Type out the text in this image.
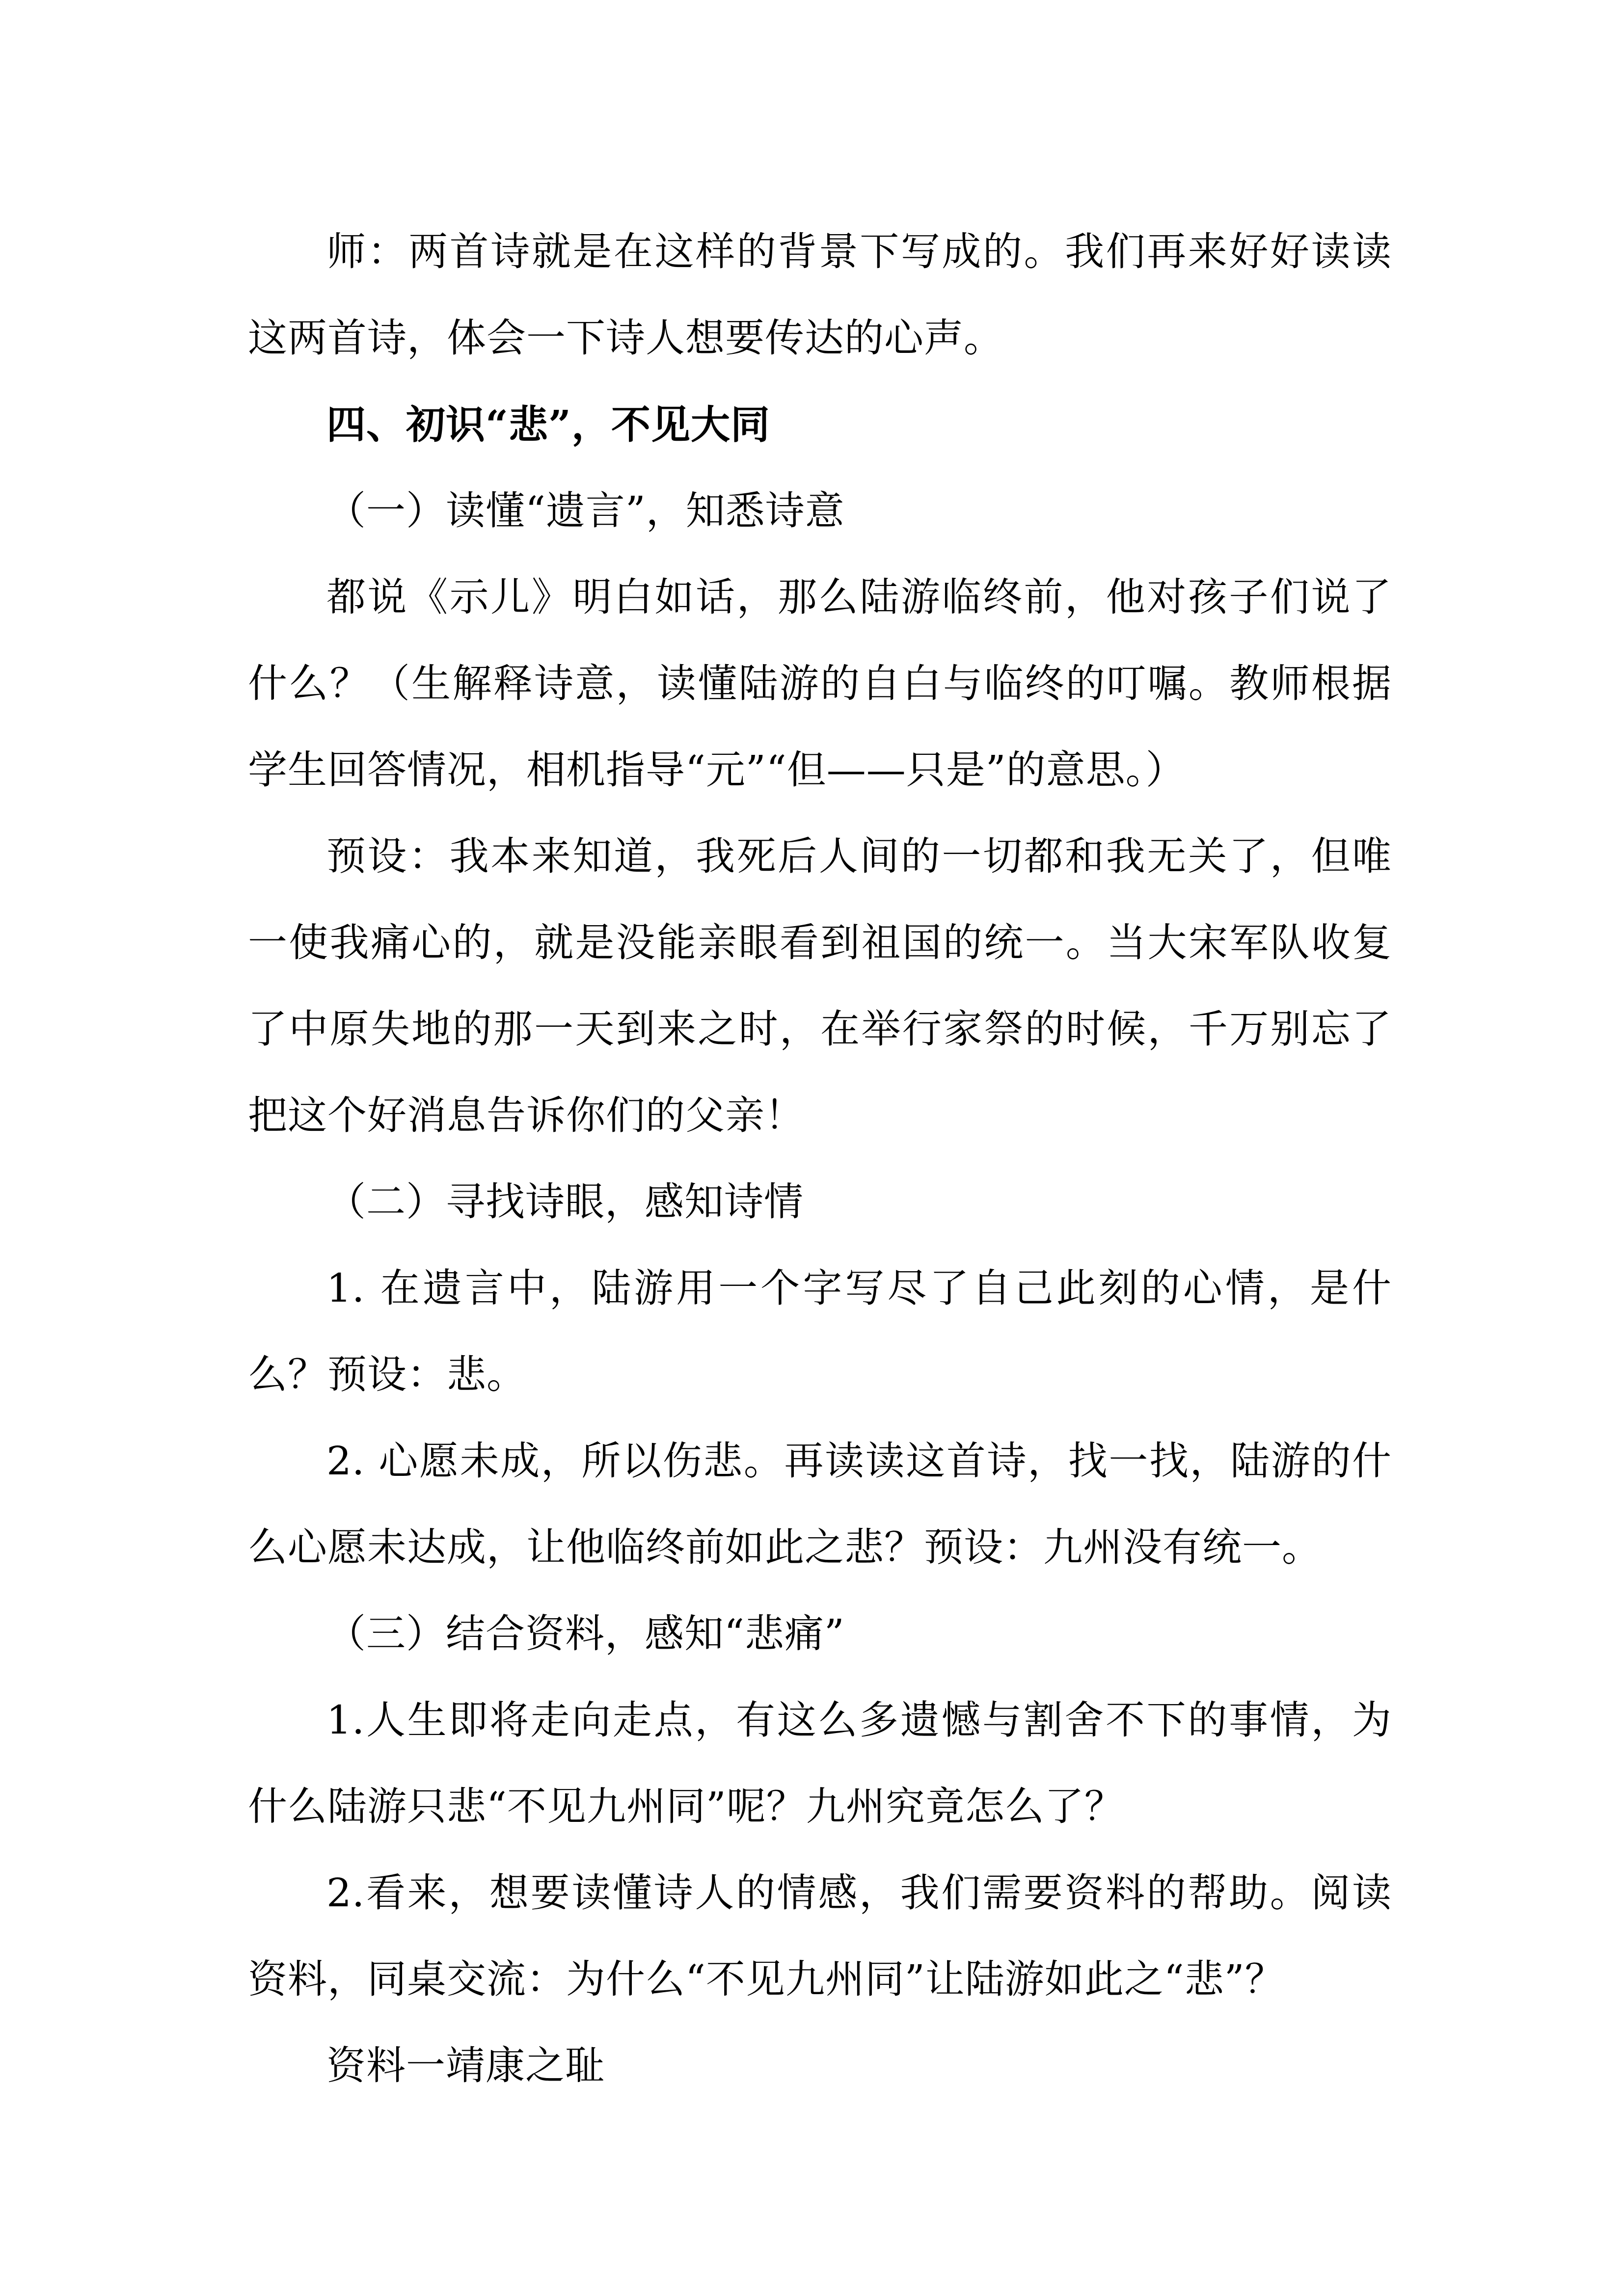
师：两首诗就是在这样的背景下写成的。我们再来好好读读这两首诗，体会一下诗人想要传达的心声。

四、初识“悲”，不见大同

（一）读懂“遗言”，知悉诗意

都说《示儿》明白如话，那么陆游临终前，他对孩子们说了什么？（生解释诗意，读懂陆游的自白与临终的叮嘱。教师根据学生回答情况，相机指导“元”“但——只是”的意思。）

预设：我本来知道，我死后人间的一切都和我无关了，但唯一使我痛心的，就是没能亲眼看到祖国的统一。当大宋军队收复了中原失地的那一天到来之时，在举行家祭的时候，千万别忘了把这个好消息告诉你们的父亲！

（二）寻找诗眼，感知诗情

1. 在遗言中，陆游用一个字写尽了自己此刻的心情，是什么？预设：悲。

2. 心愿未成，所以伤悲。再读读这首诗，找一找，陆游的什么心愿未达成，让他临终前如此之悲？预设：九州没有统一。

（三）结合资料，感知“悲痛”

1.人生即将走向走点，有这么多遗憾与割舍不下的事情，为什么陆游只悲“不见九州同”呢？九州究竟怎么了？

2.看来，想要读懂诗人的情感，我们需要资料的帮助。阅读资料，同桌交流：为什么“不见九州同”让陆游如此之“悲”？

资料一靖康之耻
